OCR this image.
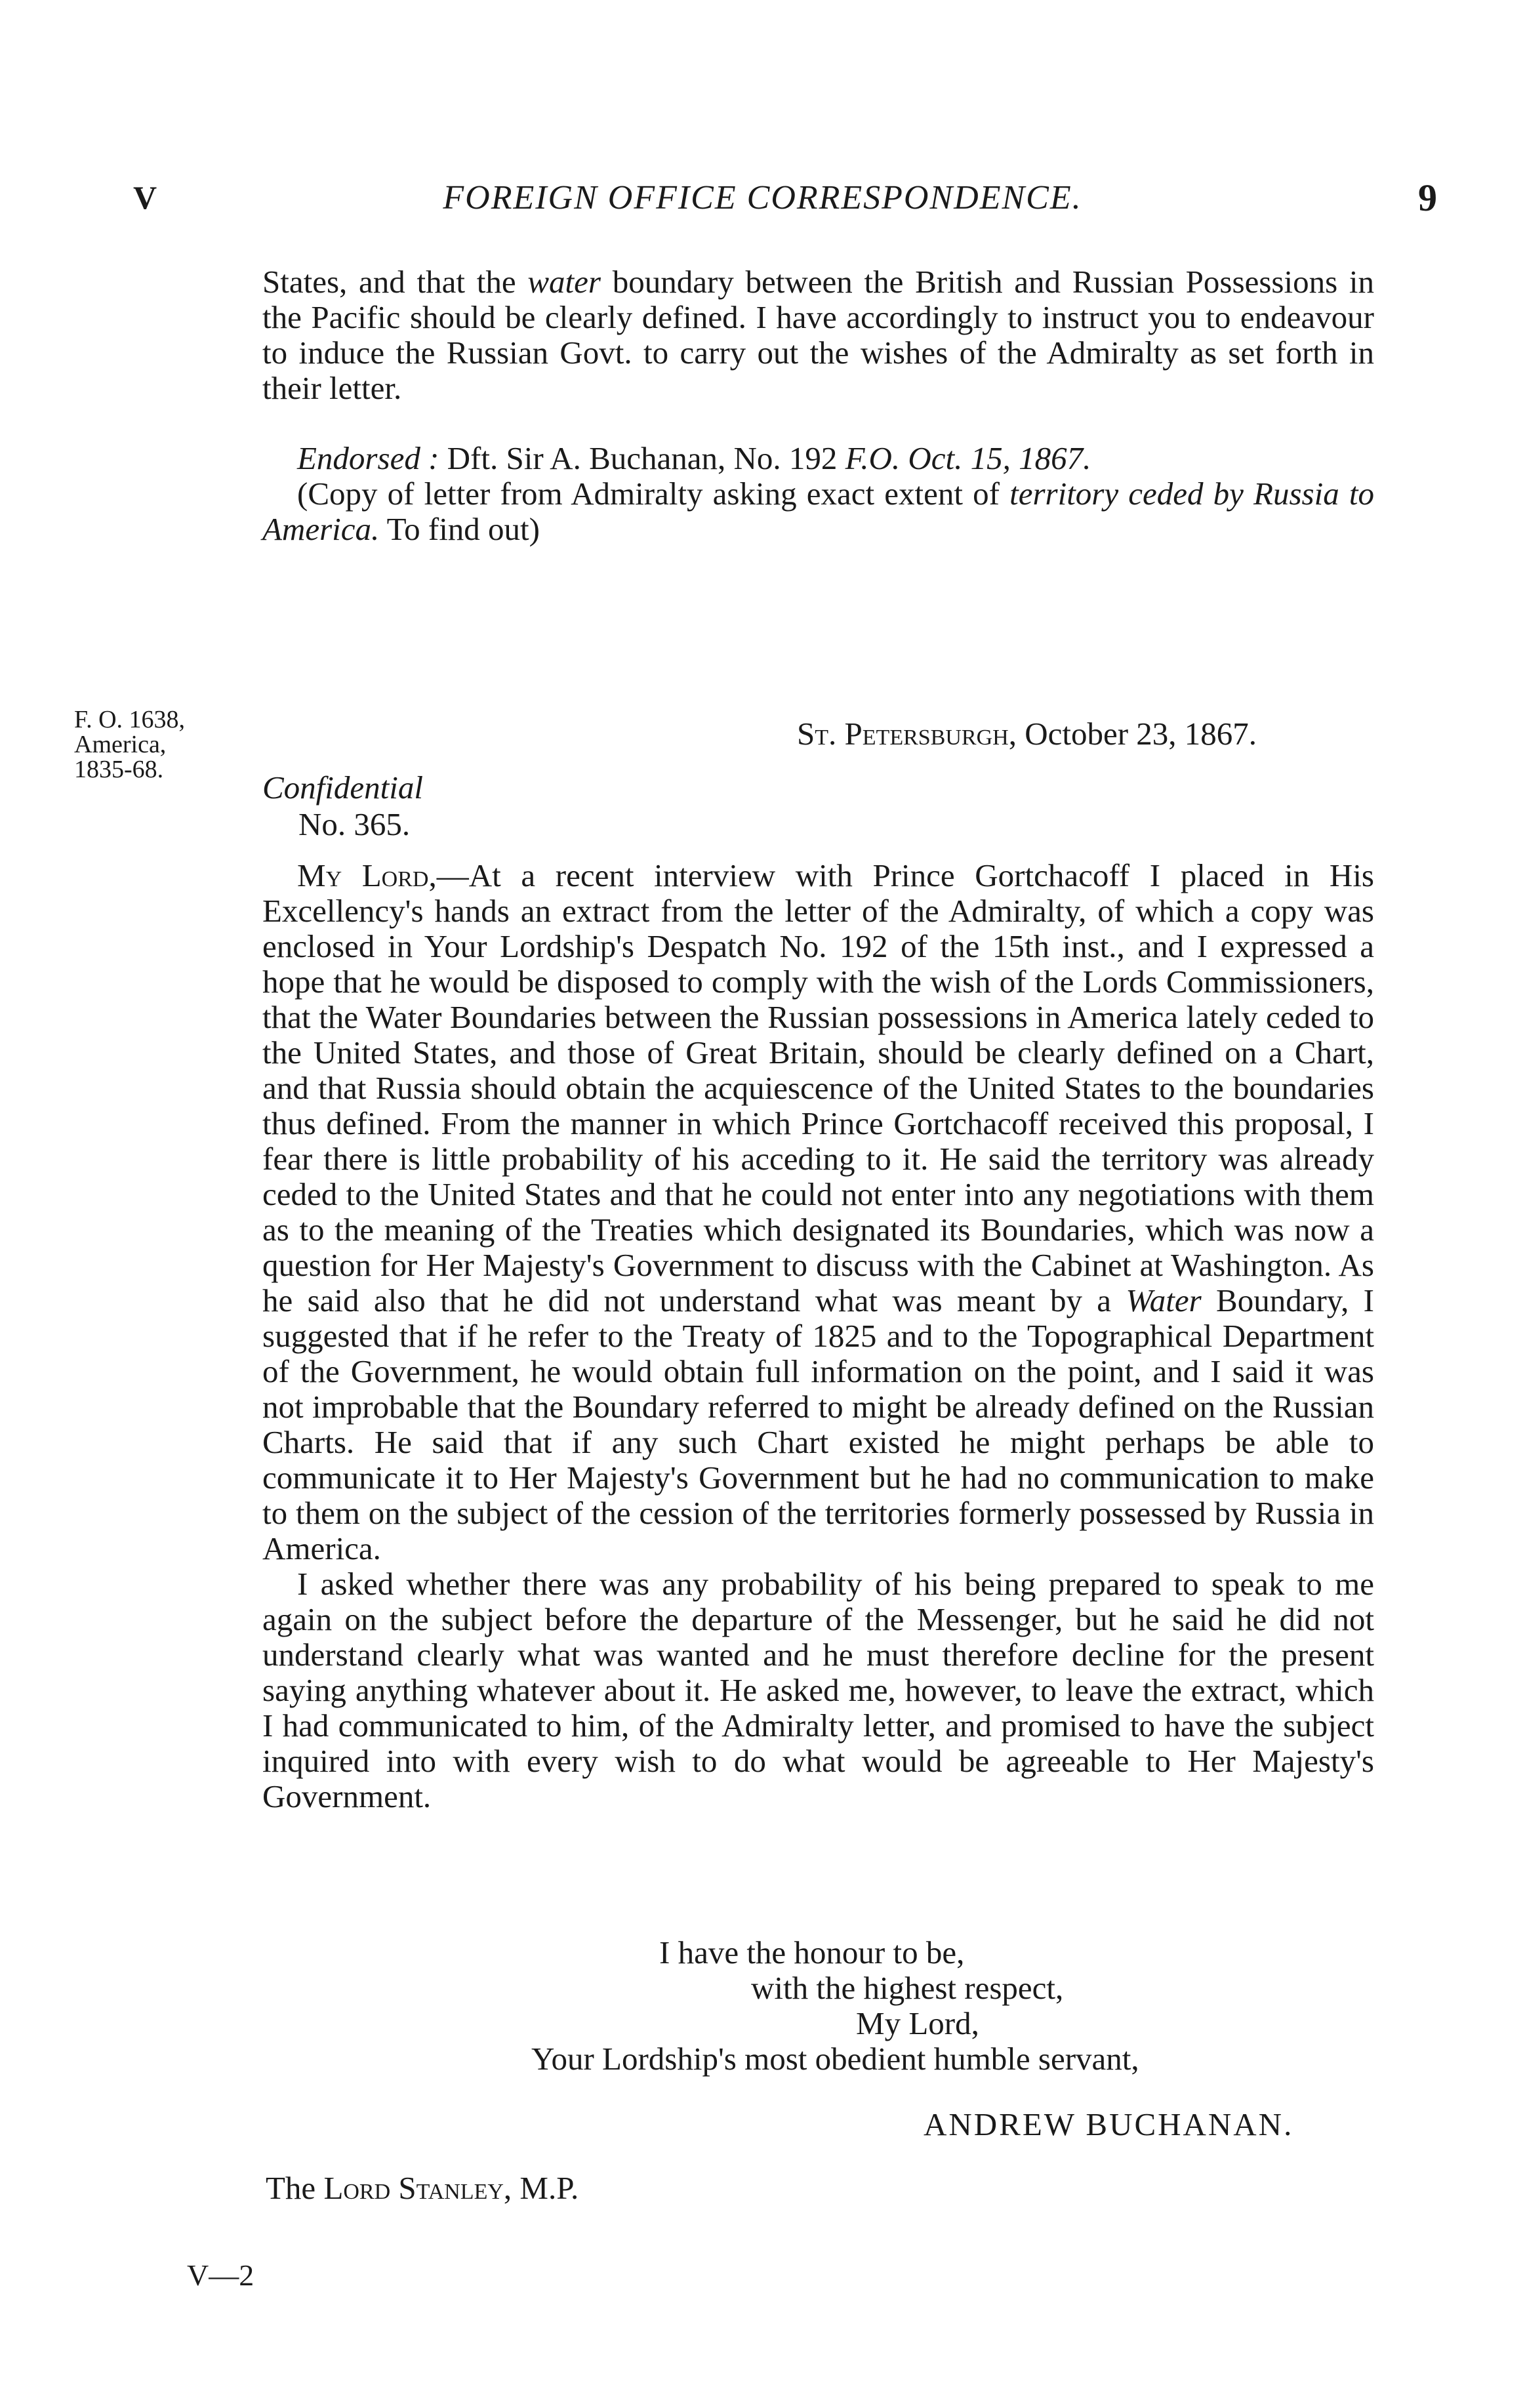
V	FOREIGN OFFICE CORRESPONDENCE.	9

States, and that the water boundary between the British and Russian Possessions in the Pacific should be clearly defined. I have accordingly to instruct you to endeavour to induce the Russian Govt. to carry out the wishes of the Admiralty as set forth in their letter.

Endorsed : Dft. Sir A. Buchanan, No. 192 F.O. Oct. 15, 1867.

(Copy of letter from Admiralty asking exact extent of territory ceded by Russia to America. To find out)

F. O. 1638,
America,
1835-68.
St. Petersburgh, October 23, 1867.
Confidential
No. 365.

My Lord,—At a recent interview with Prince Gortchacoff I placed in His Excellency's hands an extract from the letter of the Admiralty, of which a copy was enclosed in Your Lordship's Despatch No. 192 of the 15th inst., and I expressed a hope that he would be disposed to comply with the wish of the Lords Commissioners, that the Water Boundaries between the Russian possessions in America lately ceded to the United States, and those of Great Britain, should be clearly defined on a Chart, and that Russia should obtain the acquiescence of the United States to the boundaries thus defined. From the manner in which Prince Gortchacoff received this proposal, I fear there is little probability of his acceding to it. He said the territory was already ceded to the United States and that he could not enter into any negotiations with them as to the meaning of the Treaties which designated its Boundaries, which was now a question for Her Majesty's Government to discuss with the Cabinet at Washington. As he said also that he did not understand what was meant by a Water Boundary, I suggested that if he refer to the Treaty of 1825 and to the Topographical Department of the Government, he would obtain full information on the point, and I said it was not improbable that the Boundary referred to might be already defined on the Russian Charts. He said that if any such Chart existed he might perhaps be able to communicate it to Her Majesty's Government but he had no communication to make to them on the subject of the cession of the territories formerly possessed by Russia in America.

I asked whether there was any probability of his being prepared to speak to me again on the subject before the departure of the Messenger, but he said he did not understand clearly what was wanted and he must therefore decline for the present saying anything whatever about it. He asked me, however, to leave the extract, which I had communicated to him, of the Admiralty letter, and promised to have the subject inquired into with every wish to do what would be agreeable to Her Majesty's Government.

I have the honour to be,
with the highest respect,
My Lord,
Your Lordship's most obedient humble servant,
ANDREW BUCHANAN.
The Lord Stanley, M.P.
V—2
